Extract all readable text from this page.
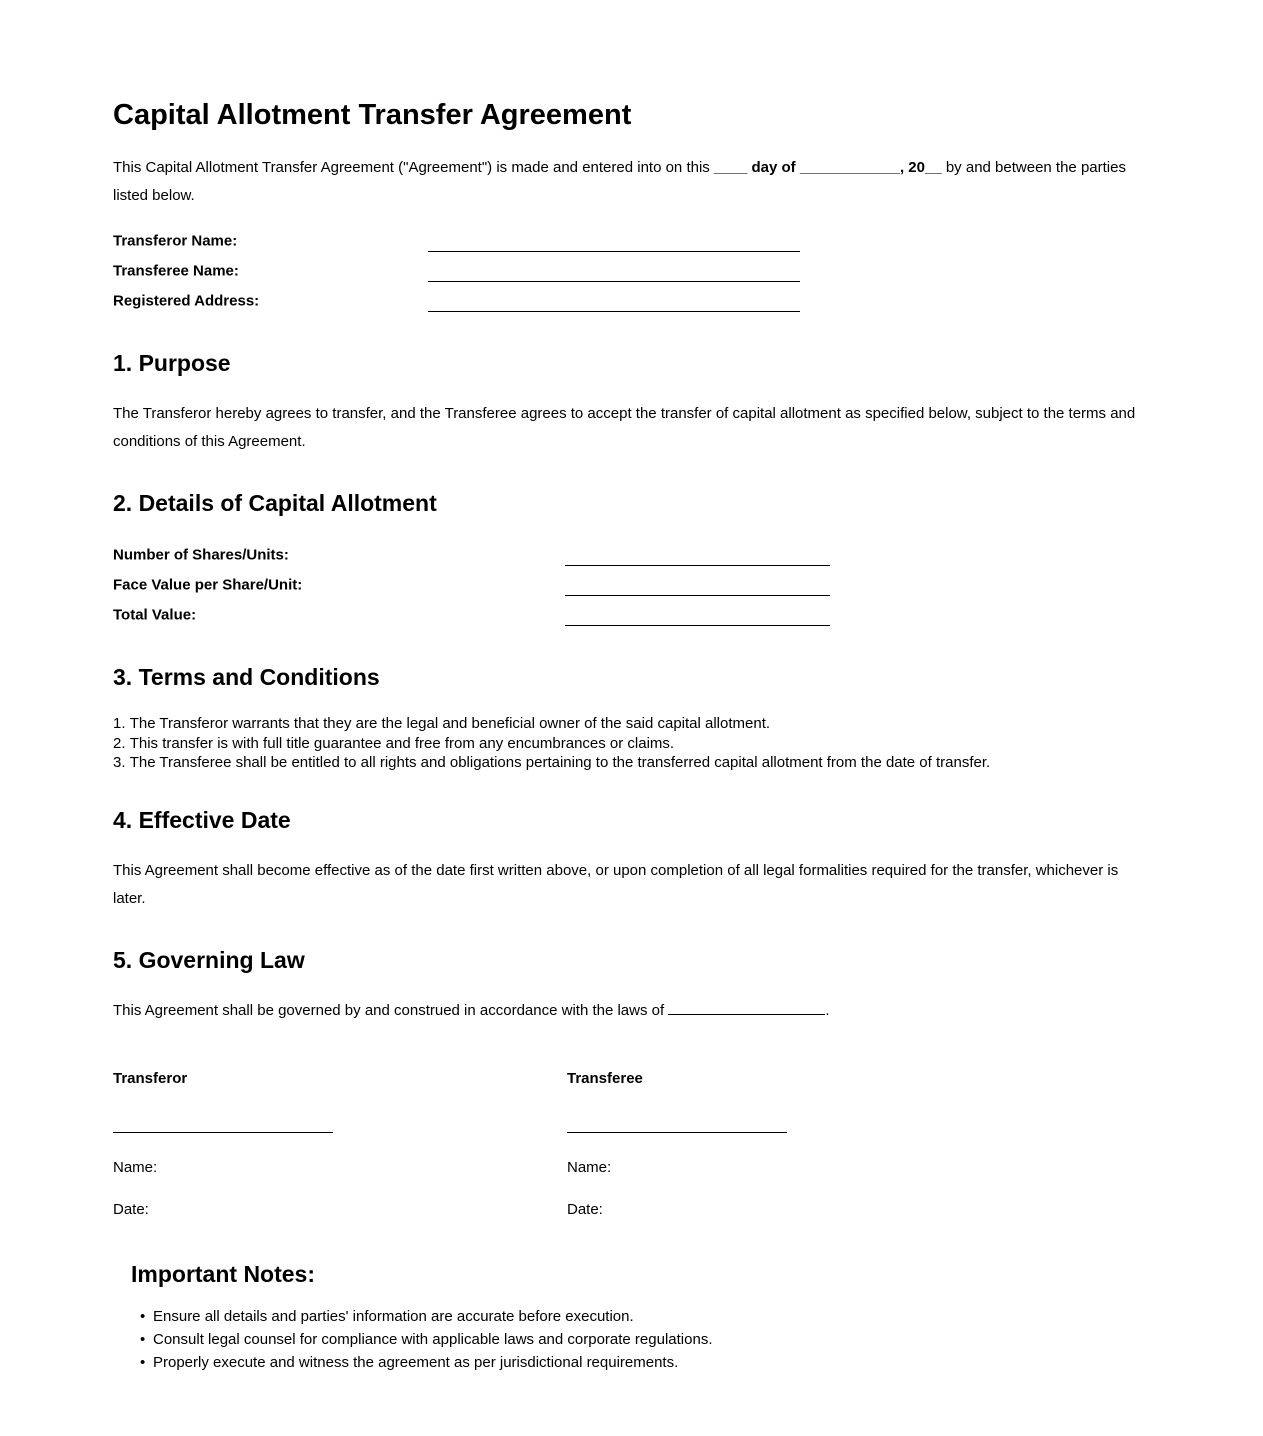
Capital Allotment Transfer Agreement

This Capital Allotment Transfer Agreement ("Agreement") is made and entered into on this ____ day of ____________, 20__ by and between the parties listed below.

Transferor Name:
Transferee Name:
Registered Address:
1. Purpose

The Transferor hereby agrees to transfer, and the Transferee agrees to accept the transfer of capital allotment as specified below, subject to the terms and conditions of this Agreement.

2. Details of Capital Allotment
Number of Shares/Units:
Face Value per Share/Unit:
Total Value:
3. Terms and Conditions
1. The Transferor warrants that they are the legal and beneficial owner of the said capital allotment.
2. This transfer is with full title guarantee and free from any encumbrances or claims.
3. The Transferee shall be entitled to all rights and obligations pertaining to the transferred capital allotment from the date of transfer.
4. Effective Date

This Agreement shall become effective as of the date first written above, or upon completion of all legal formalities required for the transfer, whichever is later.

5. Governing Law

This Agreement shall be governed by and construed in accordance with the laws of	.

Transferor

Name:
Date:

Transferee

Name:
Date:
Important Notes:
• Ensure all details and parties' information are accurate before execution.
• Consult legal counsel for compliance with applicable laws and corporate regulations.
• Properly execute and witness the agreement as per jurisdictional requirements.
